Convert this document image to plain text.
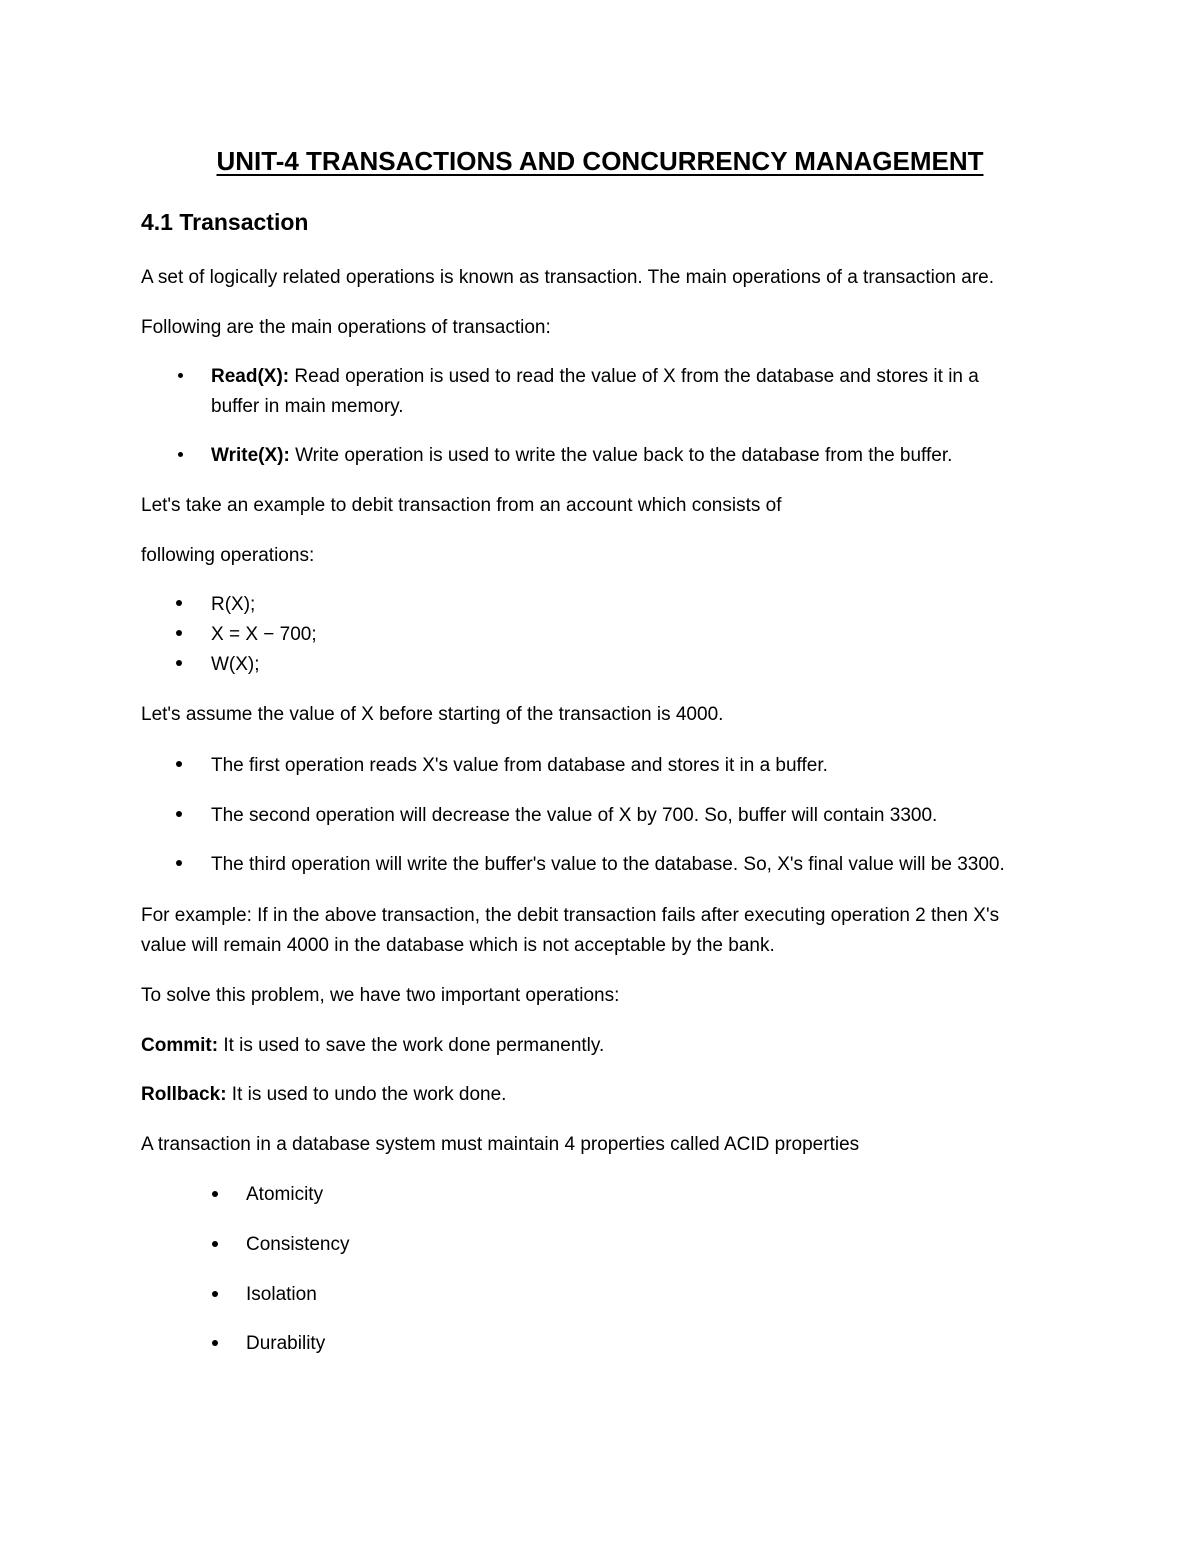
UNIT-4 TRANSACTIONS AND CONCURRENCY MANAGEMENT
4.1 Transaction
A set of logically related operations is known as transaction. The main operations of a transaction are.
Following are the main operations of transaction:
Read(X): Read operation is used to read the value of X from the database and stores it in a
buffer in main memory.
Write(X): Write operation is used to write the value back to the database from the buffer.
Let's take an example to debit transaction from an account which consists of
following operations:
R(X);
X = X − 700;
W(X);
Let's assume the value of X before starting of the transaction is 4000.
The first operation reads X's value from database and stores it in a buffer.
The second operation will decrease the value of X by 700. So, buffer will contain 3300.
The third operation will write the buffer's value to the database. So, X's final value will be 3300.
For example: If in the above transaction, the debit transaction fails after executing operation 2 then X's
value will remain 4000 in the database which is not acceptable by the bank.
To solve this problem, we have two important operations:
Commit: It is used to save the work done permanently.
Rollback: It is used to undo the work done.
A transaction in a database system must maintain 4 properties called ACID properties
Atomicity
Consistency
Isolation
Durability
